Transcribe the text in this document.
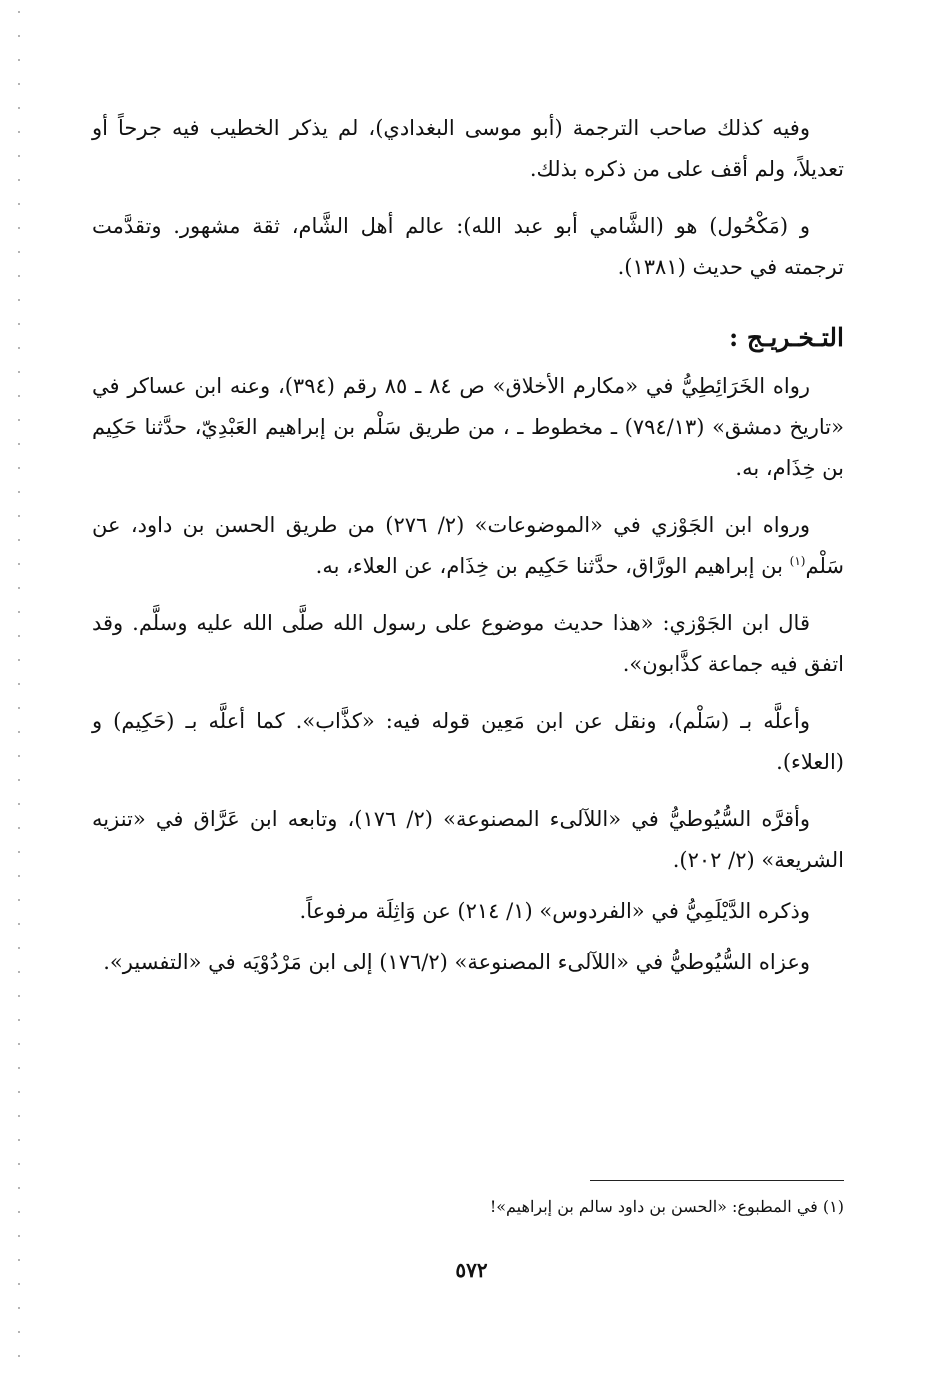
وفيه كذلك صاحب الترجمة (أبو موسى البغدادي)، لم يذكر الخطيب فيه جرحاً أو تعديلاً، ولم أقف على من ذكره بذلك.

و (مَكْحُول) هو (الشَّامي أبو عبد الله): عالم أهل الشَّام، ثقة مشهور. وتقدَّمت ترجمته في حديث (١٣٨١).

التـخـريـج :

رواه الخَرَائِطِيُّ في «مكارم الأخلاق» ص ٨٤ ـ ٨٥ رقم (٣٩٤)، وعنه ابن عساكر في «تاريخ دمشق» (٧٩٤/١٣) ـ مخطوط ـ ، من طريق سَلْم بن إبراهيم العَبْدِيّ، حدَّثنا حَكِيم بن خِذَام، به.

ورواه ابن الجَوْزي في «الموضوعات» (٢/ ٢٧٦) من طريق الحسن بن داود، عن سَلْم$^{(١)}$ بن إبراهيم الورَّاق، حدَّثنا حَكِيم بن خِذَام، عن العلاء، به.

قال ابن الجَوْزي: «هذا حديث موضوع على رسول الله صلَّى الله عليه وسلَّم. وقد اتفق فيه جماعة كذَّابون».

وأعلَّه بـ (سَلْم)، ونقل عن ابن مَعِين قوله فيه: «كذَّاب». كما أعلَّه بـ (حَكِيم) و (العلاء).

وأقرَّه السُّيُوطيُّ في «اللآلىء المصنوعة» (٢/ ١٧٦)، وتابعه ابن عَرَّاق في «تنزيه الشريعة» (٢/ ٢٠٢).

وذكره الدَّيْلَمِيُّ في «الفردوس» (١/ ٢١٤) عن وَاثِلَة مرفوعاً.

وعزاه السُّيُوطيُّ في «اللآلىء المصنوعة» (١٧٦/٢) إلى ابن مَرْدُوْيَه في «التفسير».

(١) في المطبوع: «الحسن بن داود سالم بن إبراهيم»!
٥٧٢
